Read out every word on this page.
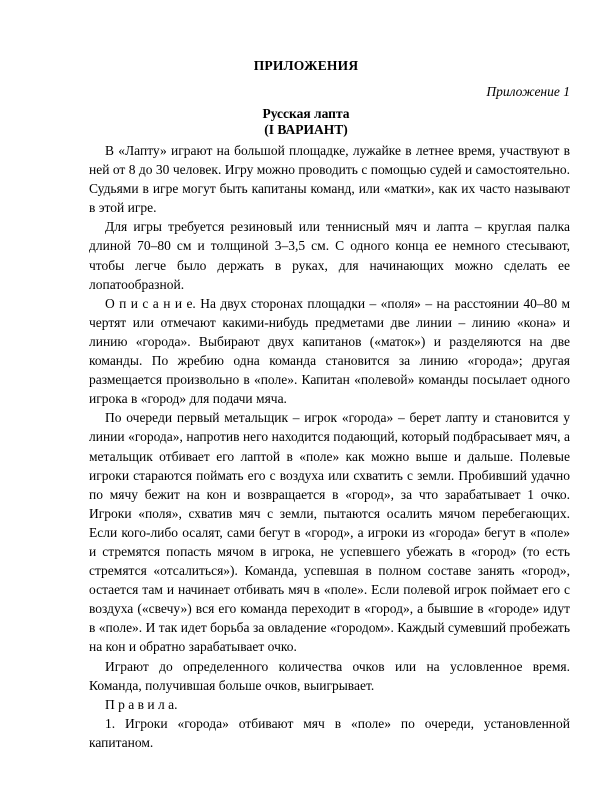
ПРИЛОЖЕНИЯ
Приложение 1
Русская лапта
(I ВАРИАНТ)

В «Лапту» играют на большой площадке, лужайке в летнее время, участвуют в ней от 8 до 30 человек. Игру можно проводить с помощью судей и самостоятельно. Судьями в игре могут быть капитаны команд, или «матки», как их часто называют в этой игре.

Для игры требуется резиновый или теннисный мяч и лапта – круглая палка длиной 70–80 см и толщиной 3–3,5 см. С одного конца ее немного стесывают, чтобы легче было держать в руках, для начинающих можно сделать ее лопатообразной.

О п и с а н и е. На двух сторонах площадки – «поля» – на расстоянии 40–80 м чертят или отмечают какими-нибудь предметами две линии – линию «кона» и линию «города». Выбирают двух капитанов («маток») и разделяются на две команды. По жребию одна команда становится за линию «города»; другая размещается произвольно в «поле». Капитан «полевой» команды посылает одного игрока в «город» для подачи мяча.

По очереди первый метальщик – игрок «города» – берет лапту и становится у линии «города», напротив него находится подающий, который подбрасывает мяч, а метальщик отбивает его лаптой в «поле» как можно выше и дальше. Полевые игроки стараются поймать его с воздуха или схватить с земли. Пробивший удачно по мячу бежит на кон и возвращается в «город», за что зарабатывает 1 очко. Игроки «поля», схватив мяч с земли, пытаются осалить мячом перебегающих. Если кого-либо осалят, сами бегут в «город», а игроки из «города» бегут в «поле» и стремятся попасть мячом в игрока, не успевшего убежать в «город» (то есть стремятся «отсалиться»). Команда, успевшая в полном составе занять «город», остается там и начинает отбивать мяч в «поле». Если полевой игрок поймает его с воздуха («свечу») вся его команда переходит в «город», а бывшие в «городе» идут в «поле». И так идет борьба за овладение «городом». Каждый сумевший пробежать на кон и обратно зарабатывает очко.

Играют до определенного количества очков или на условленное время. Команда, получившая больше очков, выигрывает.

П р а в и л а.

1. Игроки «города» отбивают мяч в «поле» по очереди, установленной капитаном.
